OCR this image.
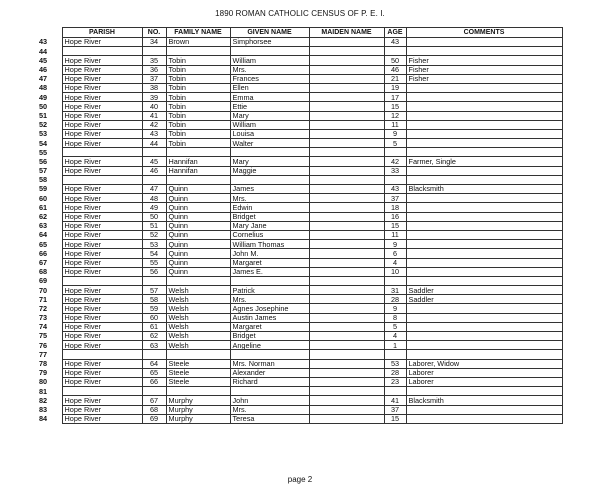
1890 ROMAN CATHOLIC CENSUS OF P. E. I.
	PARISH	NO.	FAMILY NAME	GIVEN NAME	MAIDEN NAME	AGE	COMMENTS
43	Hope River	34	Brown	Simphorsee		43	
44							
45	Hope River	35	Tobin	William		50	Fisher
46	Hope River	36	Tobin	Mrs.		46	Fisher
47	Hope River	37	Tobin	Frances		21	Fisher
48	Hope River	38	Tobin	Ellen		19	
49	Hope River	39	Tobin	Emma		17	
50	Hope River	40	Tobin	Ettie		15	
51	Hope River	41	Tobin	Mary		12	
52	Hope River	42	Tobin	William		11	
53	Hope River	43	Tobin	Louisa		9	
54	Hope River	44	Tobin	Walter		5	
55							
56	Hope River	45	Hannifan	Mary		42	Farmer, Single
57	Hope River	46	Hannifan	Maggie		33	
58							
59	Hope River	47	Quinn	James		43	Blacksmith
60	Hope River	48	Quinn	Mrs.		37	
61	Hope River	49	Quinn	Edwin		18	
62	Hope River	50	Quinn	Bridget		16	
63	Hope River	51	Quinn	Mary Jane		15	
64	Hope River	52	Quinn	Cornelius		11	
65	Hope River	53	Quinn	William Thomas		9	
66	Hope River	54	Quinn	John M.		6	
67	Hope River	55	Quinn	Margaret		4	
68	Hope River	56	Quinn	James E.		10	
69							
70	Hope River	57	Welsh	Patrick		31	Saddler
71	Hope River	58	Welsh	Mrs.		28	Saddler
72	Hope River	59	Welsh	Agnes Josephine		9	
73	Hope River	60	Welsh	Austin James		8	
74	Hope River	61	Welsh	Margaret		5	
75	Hope River	62	Welsh	Bridget		4	
76	Hope River	63	Welsh	Angeline		1	
77							
78	Hope River	64	Steele	Mrs. Norman		53	Laborer, Widow
79	Hope River	65	Steele	Alexander		28	Laborer
80	Hope River	66	Steele	Richard		23	Laborer
81							
82	Hope River	67	Murphy	John		41	Blacksmith
83	Hope River	68	Murphy	Mrs.		37	
84	Hope River	69	Murphy	Teresa		15	
page 2
